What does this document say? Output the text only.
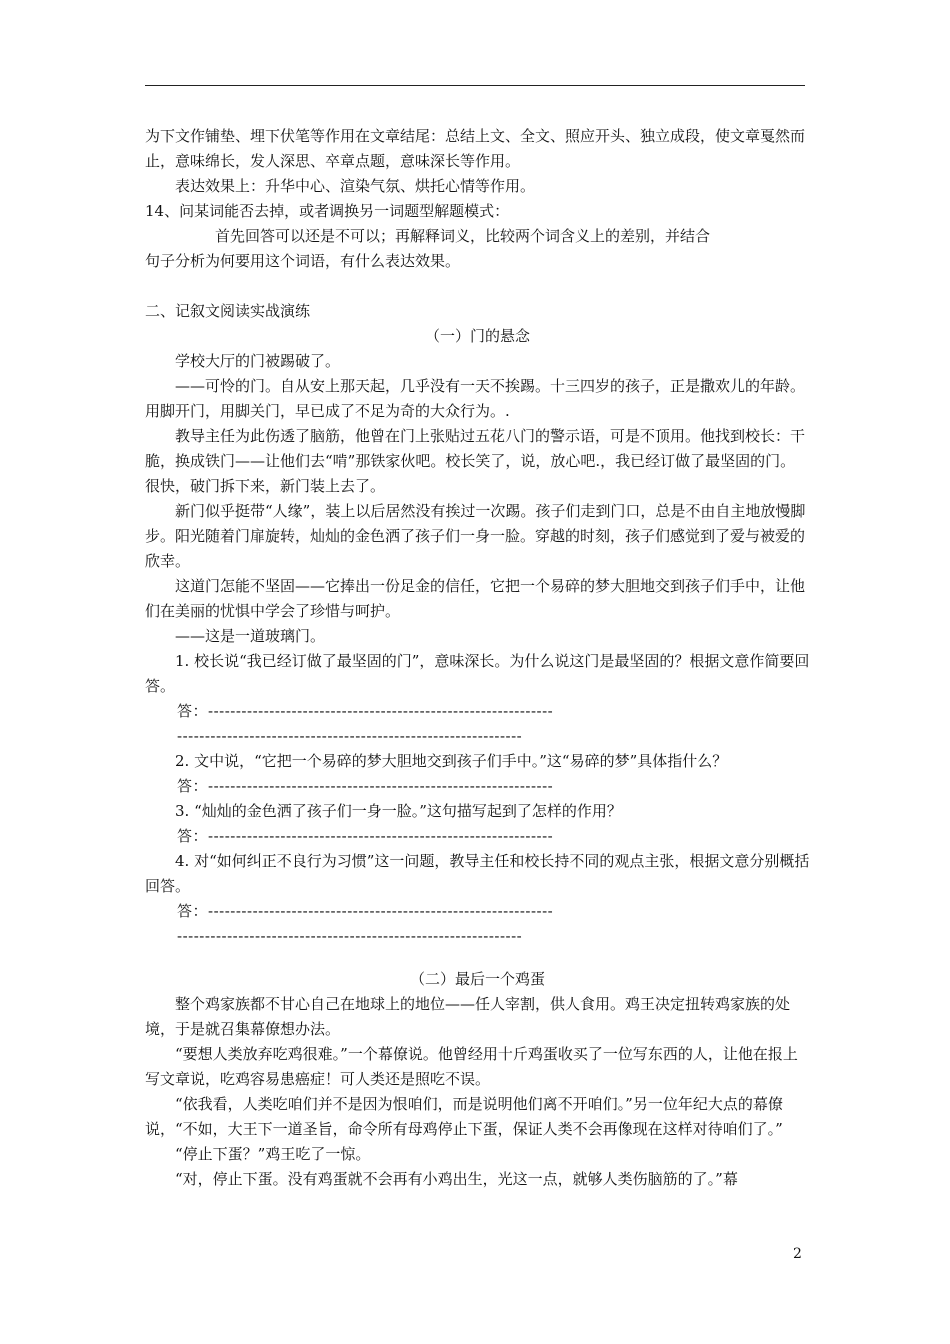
为下文作铺垫、埋下伏笔等作用在文章结尾：总结上文、全文、照应开头、独立成段，使文章戛然而止，意味绵长，发人深思、卒章点题，意味深长等作用。

表达效果上：升华中心、渲染气氛、烘托心情等作用。

14、问某词能否去掉，或者调换另一词题型解题模式：

首先回答可以还是不可以；再解释词义，比较两个词含义上的差别，并结合

句子分析为何要用这个词语，有什么表达效果。

二、记叙文阅读实战演练

（一）门的悬念

学校大厅的门被踢破了。

——可怜的门。自从安上那天起，几乎没有一天不挨踢。十三四岁的孩子，正是撒欢儿的年龄。用脚开门，用脚关门，早已成了不足为奇的大众行为。.

教导主任为此伤透了脑筋，他曾在门上张贴过五花八门的警示语，可是不顶用。他找到校长：干脆，换成铁门——让他们去“啃”那铁家伙吧。校长笑了，说，放心吧.，我已经订做了最坚固的门。很快，破门拆下来，新门装上去了。

新门似乎挺带“人缘”，装上以后居然没有挨过一次踢。孩子们走到门口，总是不由自主地放慢脚步。阳光随着门扉旋转，灿灿的金色洒了孩子们一身一脸。穿越的时刻，孩子们感觉到了爱与被爱的欣幸。

这道门怎能不坚固——它捧出一份足金的信任，它把一个易碎的梦大胆地交到孩子们手中，让他们在美丽的忧惧中学会了珍惜与呵护。

——这是一道玻璃门。

1. 校长说“我已经订做了最坚固的门”，意味深长。为什么说这门是最坚固的？根据文意作简要回答。

答：--------------------------------------------------------------
--------------------------------------------------------------

2. 文中说，“它把一个易碎的梦大胆地交到孩子们手中。”这“易碎的梦”具体指什么？

答：--------------------------------------------------------------

3. “灿灿的金色洒了孩子们一身一脸。”这句描写起到了怎样的作用？

答：--------------------------------------------------------------

4. 对“如何纠正不良行为习惯”这一问题，教导主任和校长持不同的观点主张，根据文意分别概括回答。

答：--------------------------------------------------------------
--------------------------------------------------------------

（二）最后一个鸡蛋

整个鸡家族都不甘心自己在地球上的地位——任人宰割，供人食用。鸡王决定扭转鸡家族的处境，于是就召集幕僚想办法。

“要想人类放弃吃鸡很难。”一个幕僚说。他曾经用十斤鸡蛋收买了一位写东西的人，让他在报上写文章说，吃鸡容易患癌症！可人类还是照吃不误。

“依我看，人类吃咱们并不是因为恨咱们，而是说明他们离不开咱们。”另一位年纪大点的幕僚说，“不如，大王下一道圣旨，命令所有母鸡停止下蛋，保证人类不会再像现在这样对待咱们了。”

“停止下蛋？”鸡王吃了一惊。

“对，停止下蛋。没有鸡蛋就不会再有小鸡出生，光这一点，就够人类伤脑筋的了。”幕

2
